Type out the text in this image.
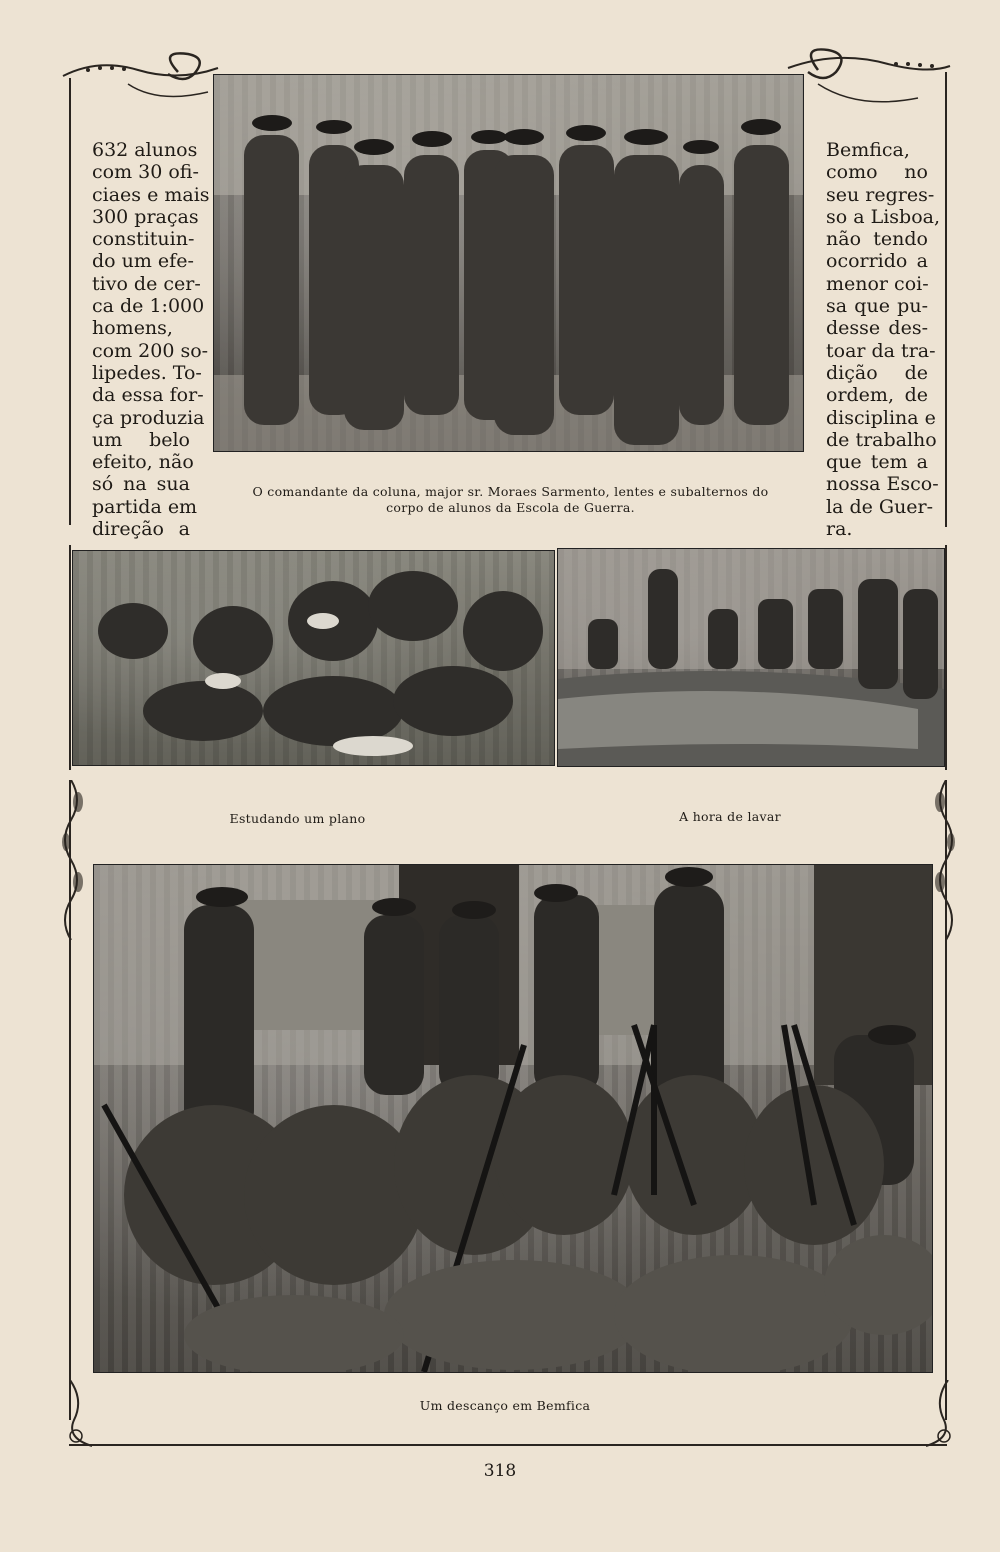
632 alunos
com 30 ofi-
ciaes e mais
300 praças
constituin-
do um efe-
tivo de cer-
ca de 1:000
homens,
com 200 so-
lipedes. To-
da essa for-
ça produzia
um belo
efeito, não
só na sua
partida em
direção a
Bemfica,
como no
seu regres-
so a Lisboa,
não tendo
ocorrido a
menor coi-
sa que pu-
desse des-
toar da tra-
dição de
ordem, de
disciplina e
de trabalho
que tem a
nossa Esco-
la de Guer-
ra.
O comandante da coluna, major sr. Moraes Sarmento, lentes e subalternos do
corpo de alunos da Escola de Guerra.
Estudando um plano	A hora de lavar
Um descanço em Bemfica
318
